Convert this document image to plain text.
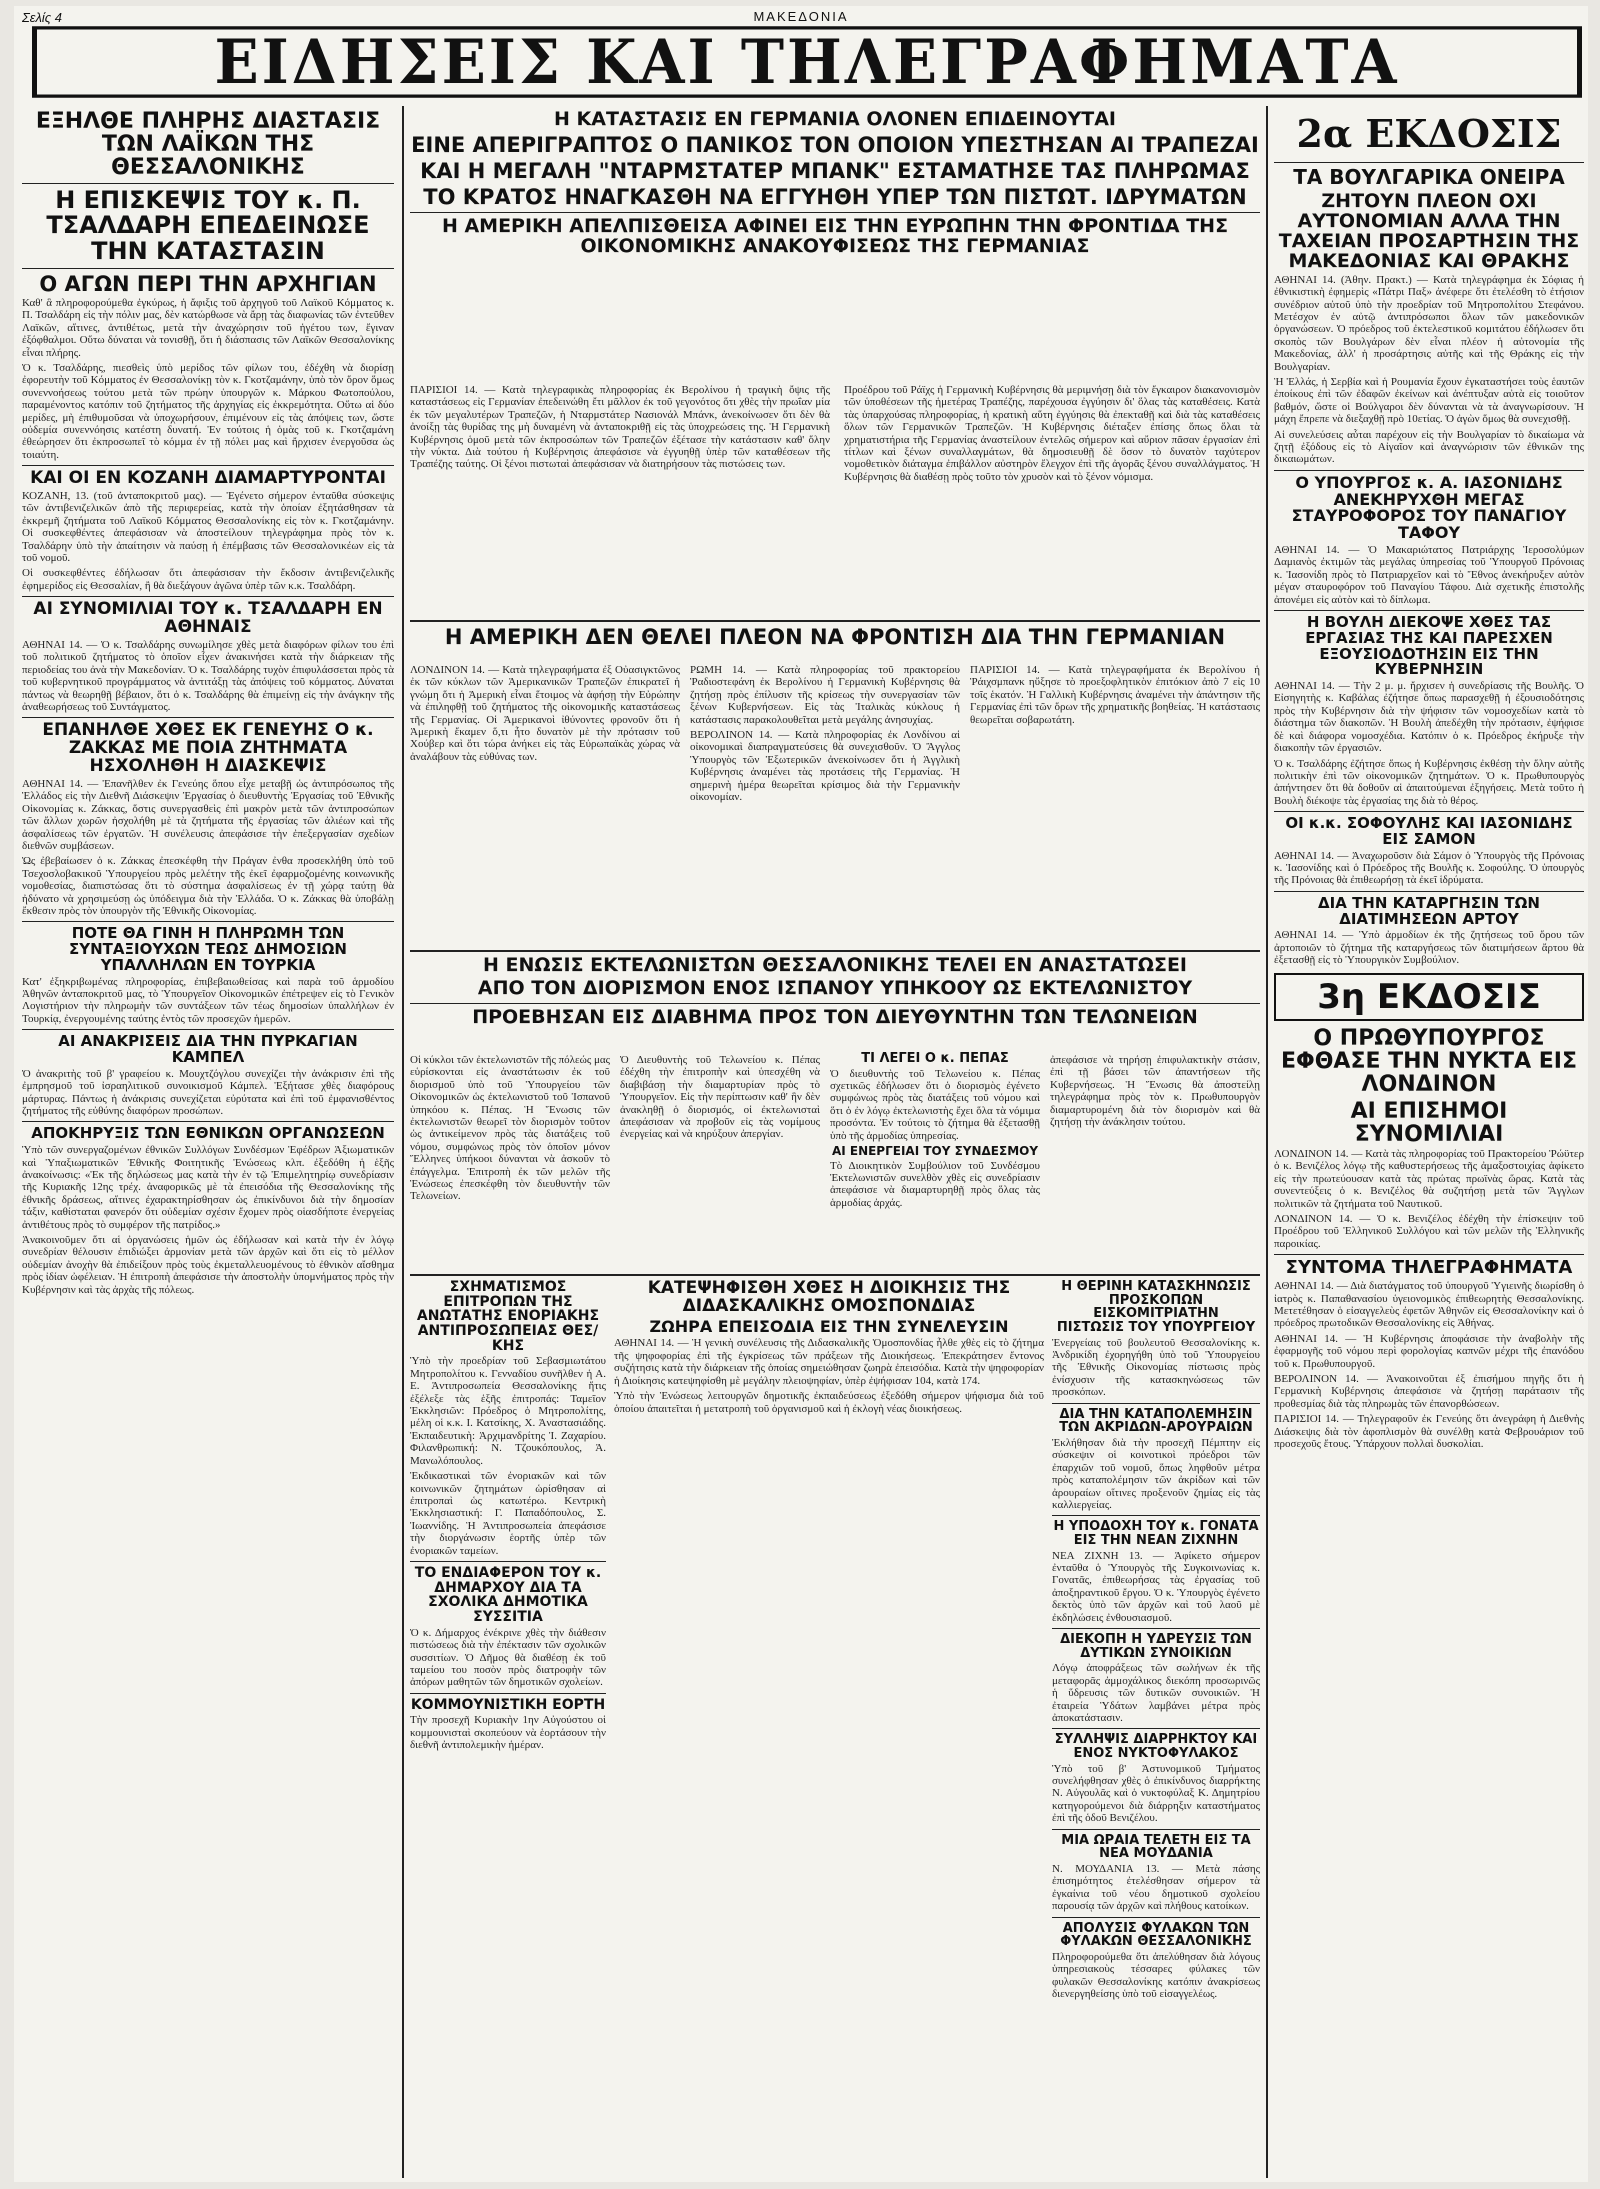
Σελίς 4	ΜΑΚΕΔΟΝΙΑ
ΕΙΔΗΣΕΙΣ ΚΑΙ ΤΗΛΕΓΡΑΦΗΜΑΤΑ

ΕΞΗΛΘΕ ΠΛΗΡΗΣ ΔΙΑΣΤΑΣΙΣ ΤΩΝ ΛΑΪΚΩΝ ΤΗΣ ΘΕΣΣΑΛΟΝΙΚΗΣ

Η ΕΠΙΣΚΕΨΙΣ ΤΟΥ κ. Π. ΤΣΑΛΔΑΡΗ ΕΠΕΔΕΙΝΩΣΕ ΤΗΝ ΚΑΤΑΣΤΑΣΙΝ

Ο ΑΓΩΝ ΠΕΡΙ ΤΗΝ ΑΡΧΗΓΙΑΝ

Καθ' ἃ πληροφορούμεθα ἐγκύρως, ἡ ἄφιξις τοῦ ἀρχηγοῦ τοῦ Λαϊκοῦ Κόμματος κ. Π. Τσαλδάρη εἰς τὴν πόλιν μας, δὲν κατώρθωσε νὰ ἄρῃ τὰς διαφωνίας τῶν ἐντεῦθεν Λαϊκῶν, αἵτινες, ἀντιθέτως, μετὰ τὴν ἀναχώρησιν τοῦ ἡγέτου των, ἔγιναν ἐξόφθαλμοι. Οὕτω δύναται νὰ τονισθῇ, ὅτι ἡ διάσπασις τῶν Λαϊκῶν Θεσσαλονίκης εἶναι πλήρης.

Ὁ κ. Τσαλδάρης, πιεσθεὶς ὑπὸ μερίδος τῶν φίλων του, ἐδέχθη νὰ διορίσῃ ἐφορευτὴν τοῦ Κόμματος ἐν Θεσσαλονίκῃ τὸν κ. Γκοτζαμάνην, ὑπὸ τὸν ὅρον ὅμως συνεννοήσεως τούτου μετὰ τῶν πρώην ὑπουργῶν κ. Μάρκου Φωτοπούλου, παραμένοντος κατόπιν τοῦ ζητήματος τῆς ἀρχηγίας εἰς ἐκκρεμότητα. Οὕτω αἱ δύο μερίδες, μὴ ἐπιθυμοῦσαι νὰ ὑποχωρήσουν, ἐπιμένουν εἰς τὰς ἀπόψεις των, ὥστε οὐδεμία συνεννόησις κατέστη δυνατή. Ἐν τούτοις ἡ ὁμὰς τοῦ κ. Γκοτζαμάνη ἐθεώρησεν ὅτι ἐκπροσωπεῖ τὸ κόμμα ἐν τῇ πόλει μας καὶ ἤρχισεν ἐνεργοῦσα ὡς τοιαύτη.

ΚΑΙ ΟΙ ΕΝ ΚΟΖΑΝΗ ΔΙΑΜΑΡΤΥΡΟΝΤΑΙ

ΚΟΖΑΝΗ, 13. (τοῦ ἀνταποκριτοῦ μας). — Ἐγένετο σήμερον ἐνταῦθα σύσκεψις τῶν ἀντιβενιζελικῶν ἀπὸ τῆς περιφερείας, κατὰ τὴν ὁποίαν ἐξητάσθησαν τὰ ἐκκρεμῆ ζητήματα τοῦ Λαϊκοῦ Κόμματος Θεσσαλονίκης εἰς τὸν κ. Γκοτζαμάνην. Οἱ συσκεφθέντες ἀπεφάσισαν νὰ ἀποστείλουν τηλεγράφημα πρὸς τὸν κ. Τσαλδάρην ὑπὸ τὴν ἀπαίτησιν νὰ παύσῃ ἡ ἐπέμβασις τῶν Θεσσαλονικέων εἰς τὰ τοῦ νομοῦ.

Οἱ συσκεφθέντες ἐδήλωσαν ὅτι ἀπεφάσισαν τὴν ἔκδοσιν ἀντιβενιζελικῆς ἐφημερίδος εἰς Θεσσαλίαν, ἢ θὰ διεξάγουν ἀγῶνα ὑπὲρ τῶν κ.κ. Τσαλδάρη.

ΑΙ ΣΥΝΟΜΙΛΙΑΙ ΤΟΥ κ. ΤΣΑΛΔΑΡΗ ΕΝ ΑΘΗΝΑΙΣ

ΑΘΗΝΑΙ 14. — Ὁ κ. Τσαλδάρης συνωμίλησε χθὲς μετὰ διαφόρων φίλων του ἐπὶ τοῦ πολιτικοῦ ζητήματος τὸ ὁποῖον εἶχεν ἀνακινήσει κατὰ τὴν διάρκειαν τῆς περιοδείας του ἀνὰ τὴν Μακεδονίαν. Ὁ κ. Τσαλδάρης τυχὸν ἐπιφυλάσσεται πρὸς τὰ τοῦ κυβερνητικοῦ προγράμματος νὰ ἀντιτάξῃ τὰς ἀπόψεις τοῦ κόμματος. Δύναται πάντως νὰ θεωρηθῇ βέβαιον, ὅτι ὁ κ. Τσαλδάρης θὰ ἐπιμείνῃ εἰς τὴν ἀνάγκην τῆς ἀναθεωρήσεως τοῦ Συντάγματος.

ΕΠΑΝΗΛΘΕ ΧΘΕΣ ΕΚ ΓΕΝΕΥΗΣ Ο κ. ΖΑΚΚΑΣ ΜΕ ΠΟΙΑ ΖΗΤΗΜΑΤΑ ΗΣΧΟΛΗΘΗ Η ΔΙΑΣΚΕΨΙΣ

ΑΘΗΝΑΙ 14. — Ἐπανῆλθεν ἐκ Γενεύης ὅπου εἶχε μεταβῇ ὡς ἀντιπρόσωπος τῆς Ἑλλάδος εἰς τὴν Διεθνῆ Διάσκεψιν Ἐργασίας ὁ διευθυντὴς Ἐργασίας τοῦ Ἐθνικῆς Οἰκονομίας κ. Ζάκκας, ὅστις συνεργασθεὶς ἐπὶ μακρὸν μετὰ τῶν ἀντιπροσώπων τῶν ἄλλων χωρῶν ἠσχολήθη μὲ τὰ ζητήματα τῆς ἐργασίας τῶν ἀλιέων καὶ τῆς ἀσφαλίσεως τῶν ἐργατῶν. Ἡ συνέλευσις ἀπεφάσισε τὴν ἐπεξεργασίαν σχεδίων διεθνῶν συμβάσεων.

Ὡς ἐβεβαίωσεν ὁ κ. Ζάκκας ἐπεσκέφθη τὴν Πράγαν ἐνθα προσεκλήθη ὑπὸ τοῦ Τσεχοσλοβακικοῦ Ὑπουργείου πρὸς μελέτην τῆς ἐκεῖ ἐφαρμοζομένης κοινωνικῆς νομοθεσίας, διαπιστώσας ὅτι τὸ σύστημα ἀσφαλίσεως ἐν τῇ χώρᾳ ταύτῃ θὰ ἠδύνατο νὰ χρησιμεύσῃ ὡς ὑπόδειγμα διὰ τὴν Ἑλλάδα. Ὁ κ. Ζάκκας θὰ ὑποβάλῃ ἔκθεσιν πρὸς τὸν ὑπουργὸν τῆς Ἐθνικῆς Οἰκονομίας.

ΠΟΤΕ ΘΑ ΓΙΝΗ Η ΠΛΗΡΩΜΗ ΤΩΝ ΣΥΝΤΑΞΙΟΥΧΩΝ ΤΕΩΣ ΔΗΜΟΣΙΩΝ ΥΠΑΛΛΗΛΩΝ ΕΝ ΤΟΥΡΚΙΑ

Κατ' ἐξηκριβωμένας πληροφορίας, ἐπιβεβαιωθείσας καὶ παρὰ τοῦ ἁρμοδίου Ἀθηνῶν ἀνταποκριτοῦ μας, τὸ Ὑπουργεῖον Οἰκονομικῶν ἐπέτρεψεν εἰς τὸ Γενικὸν Λογιστήριον τὴν πληρωμὴν τῶν συντάξεων τῶν τέως δημοσίων ὑπαλλήλων ἐν Τουρκίᾳ, ἐνεργουμένης ταύτης ἐντὸς τῶν προσεχῶν ἡμερῶν.

ΑΙ ΑΝΑΚΡΙΣΕΙΣ ΔΙΑ ΤΗΝ ΠΥΡΚΑΓΙΑΝ ΚΑΜΠΕΛ

Ὁ ἀνακριτὴς τοῦ β' γραφείου κ. Μουχτζόγλου συνεχίζει τὴν ἀνάκρισιν ἐπὶ τῆς ἐμπρησμοῦ τοῦ ἰσραηλιτικοῦ συνοικισμοῦ Κάμπελ. Ἐξήτασε χθὲς διαφόρους μάρτυρας. Πάντως ἡ ἀνάκρισις συνεχίζεται εὐρύτατα καὶ ἐπὶ τοῦ ἐμφανισθέντος ζητήματος τῆς εὐθύνης διαφόρων προσώπων.

ΑΠΟΚΗΡΥΞΙΣ ΤΩΝ ΕΘΝΙΚΩΝ ΟΡΓΑΝΩΣΕΩΝ

Ὑπὸ τῶν συνεργαζομένων ἐθνικῶν Συλλόγων Συνδέσμων Ἐφέδρων Ἀξιωματικῶν καὶ Ὑπαξιωματικῶν Ἐθνικῆς Φοιτητικῆς Ἑνώσεως κλπ. ἐξεδόθη ἡ ἑξῆς ἀνακοίνωσις: «Ἐκ τῆς δηλώσεως μας κατὰ τὴν ἐν τῷ Ἐπιμελητηρίῳ συνεδρίασιν τῆς Κυριακῆς 12ης τρέχ. ἀναφορικῶς μὲ τὰ ἐπεισόδια τῆς Θεσσαλονίκης τῆς ἐθνικῆς δράσεως, αἵτινες ἐχαρακτηρίσθησαν ὡς ἐπικίνδυνοι διὰ τὴν δημοσίαν τάξιν, καθίσταται φανερόν ὅτι οὐδεμίαν σχέσιν ἔχομεν πρὸς οἱασδήποτε ἐνεργείας ἀντιθέτους πρὸς τὸ συμφέρον τῆς πατρίδος.»

Ἀνακοινοῦμεν ὅτι αἱ ὀργανώσεις ἡμῶν ὡς ἐδήλωσαν καὶ κατὰ τὴν ἐν λόγῳ συνεδρίαν θέλουσιν ἐπιδιώξει ἀρμονίαν μετὰ τῶν ἀρχῶν καὶ ὅτι εἰς τὸ μέλλον οὐδεμίαν ἀνοχὴν θὰ ἐπιδείξουν πρὸς τοὺς ἐκμεταλλευομένους τὸ ἐθνικὸν αἴσθημα πρὸς ἰδίαν ὠφέλειαν. Ἡ ἐπιτροπὴ ἀπεφάσισε τὴν ἀποστολὴν ὑπομνήματος πρὸς τὴν Κυβέρνησιν καὶ τὰς ἀρχὰς τῆς πόλεως.

Η ΚΑΤΑΣΤΑΣΙΣ ΕΝ ΓΕΡΜΑΝΙΑ ΟΛΟΝΕΝ ΕΠΙΔΕΙΝΟΥΤΑΙ

ΕΙΝΕ ΑΠΕΡΙΓΡΑΠΤΟΣ Ο ΠΑΝΙΚΟΣ ΤΟΝ ΟΠΟΙΟΝ ΥΠΕΣΤΗΣΑΝ ΑΙ ΤΡΑΠΕΖΑΙ

ΚΑΙ Η ΜΕΓΑΛΗ "ΝΤΑΡΜΣΤΑΤΕΡ ΜΠΑΝΚ" ΕΣΤΑΜΑΤΗΣΕ ΤΑΣ ΠΛΗΡΩΜΑΣ

ΤΟ ΚΡΑΤΟΣ ΗΝΑΓΚΑΣΘΗ ΝΑ ΕΓΓΥΗΘΗ ΥΠΕΡ ΤΩΝ ΠΙΣΤΩΤ. ΙΔΡΥΜΑΤΩΝ

Η ΑΜΕΡΙΚΗ ΑΠΕΛΠΙΣΘΕΙΣΑ ΑΦΙΝΕΙ ΕΙΣ ΤΗΝ ΕΥΡΩΠΗΝ ΤΗΝ ΦΡΟΝΤΙΔΑ ΤΗΣ ΟΙΚΟΝΟΜΙΚΗΣ ΑΝΑΚΟΥΦΙΣΕΩΣ ΤΗΣ ΓΕΡΜΑΝΙΑΣ

ΠΑΡΙΣΙΟΙ 14. — Κατὰ τηλεγραφικὰς πληροφορίας ἐκ Βερολίνου ἡ τραγικὴ ὄψις τῆς καταστάσεως εἰς Γερμανίαν ἐπεδεινώθη ἔτι μᾶλλον ἐκ τοῦ γεγονότος ὅτι χθὲς τὴν πρωΐαν μία ἐκ τῶν μεγαλυτέρων Τραπεζῶν, ἡ Νταρμστάτερ Νασιονάλ Μπάνκ, ἀνεκοίνωσεν ὅτι δὲν θὰ ἀνοίξῃ τὰς θυρίδας της μὴ δυναμένη νὰ ἀνταποκριθῇ εἰς τὰς ὑποχρεώσεις της. Ἡ Γερμανικὴ Κυβέρνησις ὁμοῦ μετὰ τῶν ἐκπροσώπων τῶν Τραπεζῶν ἐξέτασε τὴν κατάστασιν καθ' ὅλην τὴν νύκτα. Διὰ τούτου ἡ Κυβέρνησις ἀπεφάσισε νὰ ἐγγυηθῇ ὑπὲρ τῶν καταθέσεων τῆς Τραπέζης ταύτης. Οἱ ξένοι πιστωταὶ ἀπεφάσισαν νὰ διατηρήσουν τὰς πιστώσεις των.

Προέδρου τοῦ Ράϊχς ἡ Γερμανικὴ Κυβέρνησις θὰ μεριμνήσῃ διὰ τὸν ἔγκαιρον διακανονισμὸν τῶν ὑποθέσεων τῆς ἡμετέρας Τραπέζης, παρέχουσα ἐγγύησιν δι' ὅλας τὰς καταθέσεις. Κατὰ τὰς ὑπαρχούσας πληροφορίας, ἡ κρατικὴ αὕτη ἐγγύησις θὰ ἐπεκταθῇ καὶ διὰ τὰς καταθέσεις ὅλων τῶν Γερμανικῶν Τραπεζῶν. Ἡ Κυβέρνησις διέταξεν ἐπίσης ὅπως ὅλαι τὰ χρηματιστήρια τῆς Γερμανίας ἀναστείλουν ἐντελῶς σήμερον καὶ αὔριον πᾶσαν ἐργασίαν ἐπὶ τίτλων καὶ ξένων συναλλαγμάτων, θὰ δημοσιευθῇ δὲ ὅσον τὸ δυνατὸν ταχύτερον νομοθετικὸν διάταγμα ἐπιβάλλον αὐστηρὸν ἔλεγχον ἐπὶ τῆς ἀγορᾶς ξένου συναλλάγματος. Ἡ Κυβέρνησις θὰ διαθέσῃ πρὸς τοῦτο τὸν χρυσὸν καὶ τὸ ξένον νόμισμα.

Η ΑΜΕΡΙΚΗ ΔΕΝ ΘΕΛΕΙ ΠΛΕΟΝ ΝΑ ΦΡΟΝΤΙΣΗ ΔΙΑ ΤΗΝ ΓΕΡΜΑΝΙΑΝ

ΛΟΝΔΙΝΟΝ 14. — Κατὰ τηλεγραφήματα ἐξ Οὐασιγκτῶνος ἐκ τῶν κύκλων τῶν Ἀμερικανικῶν Τραπεζῶν ἐπικρατεῖ ἡ γνώμη ὅτι ἡ Ἀμερικὴ εἶναι ἕτοιμος νὰ ἀφήσῃ τὴν Εὐρώπην νὰ ἐπιληφθῇ τοῦ ζητήματος τῆς οἰκονομικῆς καταστάσεως τῆς Γερμανίας. Οἱ Ἀμερικανοὶ ἰθύνοντες φρονοῦν ὅτι ἡ Ἀμερικὴ ἔκαμεν ὅ,τι ἦτο δυνατὸν μὲ τὴν πρότασιν τοῦ Χούβερ καὶ ὅτι τώρα ἀνήκει εἰς τὰς Εὐρωπαϊκὰς χώρας νὰ ἀναλάβουν τὰς εὐθύνας των.

ΡΩΜΗ 14. — Κατὰ πληροφορίας τοῦ πρακτορείου Ῥαδιοστεφάνη ἐκ Βερολίνου ἡ Γερμανικὴ Κυβέρνησις θὰ ζητήσῃ πρὸς ἐπίλυσιν τῆς κρίσεως τὴν συνεργασίαν τῶν ξένων Κυβερνήσεων. Εἰς τὰς Ἰταλικὰς κύκλους ἡ κατάστασις παρακολουθεῖται μετὰ μεγάλης ἀνησυχίας.

ΒΕΡΟΛΙΝΟΝ 14. — Κατὰ πληροφορίας ἐκ Λονδίνου αἱ οἰκονομικαὶ διαπραγματεύσεις θὰ συνεχισθοῦν. Ὁ Ἄγγλος Ὑπουργὸς τῶν Ἐξωτερικῶν ἀνεκοίνωσεν ὅτι ἡ Ἀγγλικὴ Κυβέρνησις ἀναμένει τὰς προτάσεις τῆς Γερμανίας. Ἡ σημερινὴ ἡμέρα θεωρεῖται κρίσιμος διὰ τὴν Γερμανικὴν οἰκονομίαν.

ΠΑΡΙΣΙΟΙ 14. — Κατὰ τηλεγραφήματα ἐκ Βερολίνου ἡ Ῥάιχσμπανκ ηὔξησε τὸ προεξοφλητικὸν ἐπιτόκιον ἀπὸ 7 εἰς 10 τοῖς ἑκατόν. Ἡ Γαλλικὴ Κυβέρνησις ἀναμένει τὴν ἀπάντησιν τῆς Γερμανίας ἐπὶ τῶν ὅρων τῆς χρηματικῆς βοηθείας. Ἡ κατάστασις θεωρεῖται σοβαρωτάτη.

Η ΕΝΩΣΙΣ ΕΚΤΕΛΩΝΙΣΤΩΝ ΘΕΣΣΑΛΟΝΙΚΗΣ ΤΕΛΕΙ ΕΝ ΑΝΑΣΤΑΤΩΣΕΙ

ΑΠΟ ΤΟΝ ΔΙΟΡΙΣΜΟΝ ΕΝΟΣ ΙΣΠΑΝΟΥ ΥΠΗΚΟΟΥ ΩΣ ΕΚΤΕΛΩΝΙΣΤΟΥ

ΠΡΟΕΒΗΣΑΝ ΕΙΣ ΔΙΑΒΗΜΑ ΠΡΟΣ ΤΟΝ ΔΙΕΥΘΥΝΤΗΝ ΤΩΝ ΤΕΛΩΝΕΙΩΝ

Οἱ κύκλοι τῶν ἐκτελωνιστῶν τῆς πόλεώς μας εὑρίσκονται εἰς ἀναστάτωσιν ἐκ τοῦ διορισμοῦ ὑπὸ τοῦ Ὑπουργείου τῶν Οἰκονομικῶν ὡς ἐκτελωνιστοῦ τοῦ Ἰσπανοῦ ὑπηκόου κ. Πέπας. Ἡ Ἕνωσις τῶν ἐκτελωνιστῶν θεωρεῖ τὸν διορισμὸν τοῦτον ὡς ἀντικείμενον πρὸς τὰς διατάξεις τοῦ νόμου, συμφώνως πρὸς τὸν ὁποῖον μόνον Ἕλληνες ὑπήκοοι δύνανται νὰ ἀσκοῦν τὸ ἐπάγγελμα. Ἐπιτροπὴ ἐκ τῶν μελῶν τῆς Ἑνώσεως ἐπεσκέφθη τὸν διευθυντὴν τῶν Τελωνείων.

Ὁ Διευθυντὴς τοῦ Τελωνείου κ. Πέπας ἐδέχθη τὴν ἐπιτροπὴν καὶ ὑπεσχέθη νὰ διαβιβάσῃ τὴν διαμαρτυρίαν πρὸς τὸ Ὑπουργεῖον. Εἰς τὴν περίπτωσιν καθ' ἣν δὲν ἀνακληθῇ ὁ διορισμός, οἱ ἐκτελωνισταὶ ἀπεφάσισαν νὰ προβοῦν εἰς τὰς νομίμους ἐνεργείας καὶ νὰ κηρύξουν ἀπεργίαν.

ΤΙ ΛΕΓΕΙ Ο κ. ΠΕΠΑΣ

Ὁ διευθυντὴς τοῦ Τελωνείου κ. Πέπας σχετικῶς ἐδήλωσεν ὅτι ὁ διορισμὸς ἐγένετο συμφώνως πρὸς τὰς διατάξεις τοῦ νόμου καὶ ὅτι ὁ ἐν λόγῳ ἐκτελωνιστὴς ἔχει ὅλα τὰ νόμιμα προσόντα. Ἐν τούτοις τὸ ζήτημα θὰ ἐξετασθῇ ὑπὸ τῆς ἁρμοδίας ὑπηρεσίας.

ΑΙ ΕΝΕΡΓΕΙΑΙ ΤΟΥ ΣΥΝΔΕΣΜΟΥ

Τὸ Διοικητικὸν Συμβούλιον τοῦ Συνδέσμου Ἐκτελωνιστῶν συνελθὸν χθὲς εἰς συνεδρίασιν ἀπεφάσισε νὰ διαμαρτυρηθῇ πρὸς ὅλας τὰς ἁρμοδίας ἀρχάς.

ἀπεφάσισε νὰ τηρήσῃ ἐπιφυλακτικὴν στάσιν, ἐπὶ τῇ βάσει τῶν ἀπαντήσεων τῆς Κυβερνήσεως. Ἡ Ἕνωσις θὰ ἀποστείλῃ τηλεγράφημα πρὸς τὸν κ. Πρωθυπουργὸν διαμαρτυρομένη διὰ τὸν διορισμὸν καὶ θὰ ζητήσῃ τὴν ἀνάκλησιν τούτου.

ΣΧΗΜΑΤΙΣΜΟΣ ΕΠΙΤΡΟΠΩΝ ΤΗΣ ΑΝΩΤΑΤΗΣ ΕΝΟΡΙΑΚΗΣ ΑΝΤΙΠΡΟΣΩΠΕΙΑΣ ΘΕΣ/ΚΗΣ

Ὑπὸ τὴν προεδρίαν τοῦ Σεβασμιωτάτου Μητροπολίτου κ. Γενναδίου συνῆλθεν ἡ Α. Ε. Ἀντιπροσωπεία Θεσσαλονίκης ἥτις ἐξέλεξε τὰς ἑξῆς ἐπιτροπάς: Ταμεῖον Ἐκκλησιῶν: Πρόεδρος ὁ Μητροπολίτης, μέλη οἱ κ.κ. Ι. Κατσίκης, Χ. Ἀναστασιάδης. Ἐκπαιδευτικὴ: Ἀρχιμανδρίτης Ἰ. Ζαχαρίου. Φιλανθρωπική: Ν. Τζουκόπουλος, Ἀ. Μανωλόπουλος.

Ἐκδικαστικαὶ τῶν ἐνοριακῶν καὶ τῶν κοινωνικῶν ζητημάτων ὡρίσθησαν αἱ ἐπιτροπαὶ ὡς κατωτέρω. Κεντρικὴ Ἐκκλησιαστική: Γ. Παπαδόπουλος, Σ. Ἰωαννίδης. Ἡ Ἀντιπροσωπεία ἀπεφάσισε τὴν διοργάνωσιν ἑορτῆς ὑπὲρ τῶν ἐνοριακῶν ταμείων.

ΤΟ ΕΝΔΙΑΦΕΡΟΝ ΤΟΥ κ. ΔΗΜΑΡΧΟΥ ΔΙΑ ΤΑ ΣΧΟΛΙΚΑ ΔΗΜΟΤΙΚΑ ΣΥΣΣΙΤΙΑ

Ὁ κ. Δήμαρχος ἐνέκρινε χθὲς τὴν διάθεσιν πιστώσεως διὰ τὴν ἐπέκτασιν τῶν σχολικῶν συσσιτίων. Ὁ Δῆμος θὰ διαθέσῃ ἐκ τοῦ ταμείου του ποσὸν πρὸς διατροφὴν τῶν ἀπόρων μαθητῶν τῶν δημοτικῶν σχολείων.

ΚΟΜΜΟΥΝΙΣΤΙΚΗ ΕΟΡΤΗ

Τὴν προσεχῆ Κυριακὴν 1ην Αὐγούστου οἱ κομμουνισταὶ σκοπεύουν νὰ ἑορτάσουν τὴν διεθνῆ ἀντιπολεμικὴν ἡμέραν.

ΚΑΤΕΨΗΦΙΣΘΗ ΧΘΕΣ Η ΔΙΟΙΚΗΣΙΣ ΤΗΣ ΔΙΔΑΣΚΑΛΙΚΗΣ ΟΜΟΣΠΟΝΔΙΑΣ

ΖΩΗΡΑ ΕΠΕΙΣΟΔΙΑ ΕΙΣ ΤΗΝ ΣΥΝΕΛΕΥΣΙΝ

ΑΘΗΝΑΙ 14. — Ἡ γενικὴ συνέλευσις τῆς Διδασκαλικῆς Ὁμοσπονδίας ἦλθε χθὲς εἰς τὸ ζήτημα τῆς ψηφοφορίας ἐπὶ τῆς ἐγκρίσεως τῶν πράξεων τῆς Διοικήσεως. Ἐπεκράτησεν ἔντονος συζήτησις κατὰ τὴν διάρκειαν τῆς ὁποίας σημειώθησαν ζωηρὰ ἐπεισόδια. Κατὰ τὴν ψηφοφορίαν ἡ Διοίκησις κατεψηφίσθη μὲ μεγάλην πλειοψηφίαν, ὑπὲρ ἐψήφισαν 104, κατὰ 174.

Ὑπὸ τὴν Ἑνώσεως λειτουργῶν δημοτικῆς ἐκπαιδεύσεως ἐξεδόθη σήμερον ψήφισμα διὰ τοῦ ὁποίου ἀπαιτεῖται ἡ μετατροπὴ τοῦ ὀργανισμοῦ καὶ ἡ ἐκλογὴ νέας διοικήσεως.

Η ΘΕΡΙΝΗ ΚΑΤΑΣΚΗΝΩΣΙΣ ΠΡΟΣΚΟΠΩΝ ΕΙΣΚΟΜΙΤΡΙΑΤΗΝ

ΠΙΣΤΩΣΙΣ ΤΟΥ ΥΠΟΥΡΓΕΙΟΥ

Ἐνεργείαις τοῦ βουλευτοῦ Θεσσαλονίκης κ. Ἀνδρικίδη ἐχορηγήθη ὑπὸ τοῦ Ὑπουργείου τῆς Ἐθνικῆς Οἰκονομίας πίστωσις πρὸς ἐνίσχυσιν τῆς κατασκηνώσεως τῶν προσκόπων.

ΔΙΑ ΤΗΝ ΚΑΤΑΠΟΛΕΜΗΣΙΝ ΤΩΝ ΑΚΡΙΔΩΝ-ΑΡΟΥΡΑΙΩΝ

Ἐκλήθησαν διὰ τὴν προσεχῆ Πέμπτην εἰς σύσκεψιν οἱ κοινοτικοὶ πρόεδροι τῶν ἐπαρχιῶν τοῦ νομοῦ, ὅπως ληφθοῦν μέτρα πρὸς καταπολέμησιν τῶν ἀκρίδων καὶ τῶν ἀρουραίων οἵτινες προξενοῦν ζημίας εἰς τὰς καλλιεργείας.

Η ΥΠΟΔΟΧΗ ΤΟΥ κ. ΓΟΝΑΤΑ ΕΙΣ ΤΗΝ ΝΕΑΝ ΖΙΧΝΗΝ

ΝΕΑ ΖΙΧΝΗ 13. — Ἀφίκετο σήμερον ἐνταῦθα ὁ Ὑπουργὸς τῆς Συγκοινωνίας κ. Γονατᾶς, ἐπιθεωρήσας τὰς ἐργασίας τοῦ ἀποξηραντικοῦ ἔργου. Ὁ κ. Ὑπουργὸς ἐγένετο δεκτὸς ὑπὸ τῶν ἀρχῶν καὶ τοῦ λαοῦ μὲ ἐκδηλώσεις ἐνθουσιασμοῦ.

ΔΙΕΚΟΠΗ Η ΥΔΡΕΥΣΙΣ ΤΩΝ ΔΥΤΙΚΩΝ ΣΥΝΟΙΚΙΩΝ

Λόγῳ ἀποφράξεως τῶν σωλήνων ἐκ τῆς μεταφορᾶς ἀμμοχάλικος διεκόπη προσωρινῶς ἡ ὕδρευσις τῶν δυτικῶν συνοικιῶν. Ἡ ἐταιρεία Ὑδάτων λαμβάνει μέτρα πρὸς ἀποκατάστασιν.

ΣΥΛΛΗΨΙΣ ΔΙΑΡΡΗΚΤΟΥ ΚΑΙ ΕΝΟΣ ΝΥΚΤΟΦΥΛΑΚΟΣ

Ὑπὸ τοῦ β' Ἀστυνομικοῦ Τμήματος συνελήφθησαν χθὲς ὁ ἐπικίνδυνος διαρρήκτης Ν. Αὐγουλᾶς καὶ ὁ νυκτοφύλαξ Κ. Δημητρίου κατηγορούμενοι διὰ διάρρηξιν καταστήματος ἐπὶ τῆς ὁδοῦ Βενιζέλου.

ΜΙΑ ΩΡΑΙΑ ΤΕΛΕΤΗ ΕΙΣ ΤΑ ΝΕΑ ΜΟΥΔΑΝΙΑ

Ν. ΜΟΥΔΑΝΙΑ 13. — Μετὰ πάσης ἐπισημότητος ἐτελέσθησαν σήμερον τὰ ἐγκαίνια τοῦ νέου δημοτικοῦ σχολείου παρουσίᾳ τῶν ἀρχῶν καὶ πλήθους κατοίκων.

ΑΠΟΛΥΣΙΣ ΦΥΛΑΚΩΝ ΤΩΝ ΦΥΛΑΚΩΝ ΘΕΣΣΑΛΟΝΙΚΗΣ

Πληροφορούμεθα ὅτι ἀπελύθησαν διὰ λόγους ὑπηρεσιακοὺς τέσσαρες φύλακες τῶν φυλακῶν Θεσσαλονίκης κατόπιν ἀνακρίσεως διενεργηθείσης ὑπὸ τοῦ εἰσαγγελέως.

2α ΕΚΔΟΣΙΣ

ΤΑ ΒΟΥΛΓΑΡΙΚΑ ΟΝΕΙΡΑ

ΖΗΤΟΥΝ ΠΛΕΟΝ ΟΧΙ ΑΥΤΟΝΟΜΙΑΝ ΑΛΛΑ ΤΗΝ ΤΑΧΕΙΑΝ ΠΡΟΣΑΡΤΗΣΙΝ ΤΗΣ ΜΑΚΕΔΟΝΙΑΣ ΚΑΙ ΘΡΑΚΗΣ

ΑΘΗΝΑΙ 14. (Ἀθην. Πρακτ.) — Κατὰ τηλεγράφημα ἐκ Σόφιας ἡ ἐθνικιστικὴ ἐφημερὶς «Πάτρι Παξ» ἀνέφερε ὅτι ἐτελέσθη τὸ ἐτήσιον συνέδριον αὐτοῦ ὑπὸ τὴν προεδρίαν τοῦ Μητροπολίτου Στεφάνου. Μετέσχον ἐν αὐτῷ ἀντιπρόσωποι ὅλων τῶν μακεδονικῶν ὀργανώσεων. Ὁ πρόεδρος τοῦ ἐκτελεστικοῦ κομιτάτου ἐδήλωσεν ὅτι σκοπὸς τῶν Βουλγάρων δὲν εἶναι πλέον ἡ αὐτονομία τῆς Μακεδονίας, ἀλλ' ἡ προσάρτησις αὐτῆς καὶ τῆς Θράκης εἰς τὴν Βουλγαρίαν.

Ἡ Ἑλλάς, ἡ Σερβία καὶ ἡ Ρουμανία ἔχουν ἐγκαταστήσει τοὺς ἑαυτῶν ἐποίκους ἐπὶ τῶν ἐδαφῶν ἐκείνων καὶ ἀνέπτυξαν αὐτὰ εἰς τοιοῦτον βαθμόν, ὥστε οἱ Βούλγαροι δὲν δύνανται νὰ τὰ ἀναγνωρίσουν. Ἡ μάχη ἔπρεπε νὰ διεξαχθῇ πρὸ 10ετίας. Ὁ ἀγὼν ὅμως θὰ συνεχισθῇ.

Αἱ συνελεύσεις αὗται παρέχουν εἰς τὴν Βουλγαρίαν τὸ δικαίωμα νὰ ζητῇ ἐξόδους εἰς τὸ Αἰγαῖον καὶ ἀναγνώρισιν τῶν ἐθνικῶν της δικαιωμάτων.

Ο ΥΠΟΥΡΓΟΣ κ. Α. ΙΑΣΟΝΙΔΗΣ ΑΝΕΚΗΡΥΧΘΗ ΜΕΓΑΣ ΣΤΑΥΡΟΦΟΡΟΣ ΤΟΥ ΠΑΝΑΓΙΟΥ ΤΑΦΟΥ

ΑΘΗΝΑΙ 14. — Ὁ Μακαριώτατος Πατριάρχης Ἱεροσολύμων Δαμιανὸς ἐκτιμῶν τὰς μεγάλας ὑπηρεσίας τοῦ Ὑπουργοῦ Πρόνοιας κ. Ἰασονίδη πρὸς τὸ Πατριαρχεῖον καὶ τὸ Ἔθνος ἀνεκήρυξεν αὐτὸν μέγαν σταυροφόρον τοῦ Παναγίου Τάφου. Διὰ σχετικῆς ἐπιστολῆς ἀπονέμει εἰς αὐτὸν καὶ τὸ δίπλωμα.

Η ΒΟΥΛΗ ΔΙΕΚΟΨΕ ΧΘΕΣ ΤΑΣ ΕΡΓΑΣΙΑΣ ΤΗΣ ΚΑΙ ΠΑΡΕΣΧΕΝ ΕΞΟΥΣΙΟΔΟΤΗΣΙΝ ΕΙΣ ΤΗΝ ΚΥΒΕΡΝΗΣΙΝ

ΑΘΗΝΑΙ 14. — Τὴν 2 μ. μ. ἤρχισεν ἡ συνεδρίασις τῆς Βουλῆς. Ὁ Εἰσηγητὴς κ. Καβάλας ἐζήτησε ὅπως παρασχεθῇ ἡ ἐξουσιοδότησις πρὸς τὴν Κυβέρνησιν διὰ τὴν ψήφισιν τῶν νομοσχεδίων κατὰ τὸ διάστημα τῶν διακοπῶν. Ἡ Βουλὴ ἀπεδέχθη τὴν πρότασιν, ἐψήφισε δὲ καὶ διάφορα νομοσχέδια. Κατόπιν ὁ κ. Πρόεδρος ἐκήρυξε τὴν διακοπὴν τῶν ἐργασιῶν.

Ὁ κ. Τσαλδάρης ἐζήτησε ὅπως ἡ Κυβέρνησις ἐκθέσῃ τὴν ὅλην αὐτῆς πολιτικὴν ἐπὶ τῶν οἰκονομικῶν ζητημάτων. Ὁ κ. Πρωθυπουργὸς ἀπήντησεν ὅτι θὰ δοθοῦν αἱ ἀπαιτούμεναι ἐξηγήσεις. Μετὰ τοῦτο ἡ Βουλὴ διέκοψε τὰς ἐργασίας της διὰ τὸ θέρος.

ΟΙ κ.κ. ΣΟΦΟΥΛΗΣ ΚΑΙ ΙΑΣΟΝΙΔΗΣ ΕΙΣ ΣΑΜΟΝ

ΑΘΗΝΑΙ 14. — Ἀναχωροῦσιν διὰ Σάμον ὁ Ὑπουργὸς τῆς Πρόνοιας κ. Ἰασονίδης καὶ ὁ Πρόεδρος τῆς Βουλῆς κ. Σοφούλης. Ὁ ὑπουργὸς τῆς Πρόνοιας θὰ ἐπιθεωρήσῃ τὰ ἐκεῖ ἱδρύματα.

ΔΙΑ ΤΗΝ ΚΑΤΑΡΓΗΣΙΝ ΤΩΝ ΔΙΑΤΙΜΗΣΕΩΝ ΑΡΤΟΥ

ΑΘΗΝΑΙ 14. — Ὑπὸ ἀρμοδίων ἐκ τῆς ζητήσεως τοῦ ὅρου τῶν ἀρτοποιῶν τὸ ζήτημα τῆς καταργήσεως τῶν διατιμήσεων ἄρτου θὰ ἐξετασθῇ εἰς τὸ Ὑπουργικὸν Συμβούλιον.

3η ΕΚΔΟΣΙΣ

Ο ΠΡΩΘΥΠΟΥΡΓΟΣ ΕΦΘΑΣΕ ΤΗΝ ΝΥΚΤΑ ΕΙΣ ΛΟΝΔΙΝΟΝ

ΑΙ ΕΠΙΣΗΜΟΙ ΣΥΝΟΜΙΛΙΑΙ

ΛΟΝΔΙΝΟΝ 14. — Κατὰ τὰς πληροφορίας τοῦ Πρακτορείου Ῥώϋτερ ὁ κ. Βενιζέλος λόγῳ τῆς καθυστερήσεως τῆς ἀμαξοστοιχίας ἀφίκετο εἰς τὴν πρωτεύουσαν κατὰ τὰς πρώτας πρωϊνὰς ὥρας. Κατὰ τὰς συνεντεύξεις ὁ κ. Βενιζέλος θὰ συζητήσῃ μετὰ τῶν Ἄγγλων πολιτικῶν τὰ ζητήματα τοῦ Ναυτικοῦ.

ΛΟΝΔΙΝΟΝ 14. — Ὁ κ. Βενιζέλος ἐδέχθη τὴν ἐπίσκεψιν τοῦ Προέδρου τοῦ Ἑλληνικοῦ Συλλόγου καὶ τῶν μελῶν τῆς Ἑλληνικῆς παροικίας.

ΣΥΝΤΟΜΑ ΤΗΛΕΓΡΑΦΗΜΑΤΑ

ΑΘΗΝΑΙ 14. — Διὰ διατάγματος τοῦ ὑπουργοῦ Ὑγιεινῆς διωρίσθη ὁ ἰατρὸς κ. Παπαθανασίου ὑγειονομικὸς ἐπιθεωρητὴς Θεσσαλονίκης. Μετετέθησαν ὁ εἰσαγγελεὺς ἐφετῶν Ἀθηνῶν εἰς Θεσσαλονίκην καὶ ὁ πρόεδρος πρωτοδικῶν Θεσσαλονίκης εἰς Ἀθήνας.

ΑΘΗΝΑΙ 14. — Ἡ Κυβέρνησις ἀποφάσισε τὴν ἀναβολὴν τῆς ἐφαρμογῆς τοῦ νόμου περὶ φορολογίας καπνῶν μέχρι τῆς ἐπανόδου τοῦ κ. Πρωθυπουργοῦ.

ΒΕΡΟΛΙΝΟΝ 14. — Ἀνακοινοῦται ἐξ ἐπισήμου πηγῆς ὅτι ἡ Γερμανικὴ Κυβέρνησις ἀπεφάσισε νὰ ζητήσῃ παράτασιν τῆς προθεσμίας διὰ τὰς πληρωμὰς τῶν ἐπανορθώσεων.

ΠΑΡΙΣΙΟΙ 14. — Τηλεγραφοῦν ἐκ Γενεύης ὅτι ἀνεγράφη ἡ Διεθνὴς Διάσκεψις διὰ τὸν ἀφοπλισμὸν θὰ συνέλθῃ κατὰ Φεβρουάριον τοῦ προσεχοῦς ἔτους. Ὑπάρχουν πολλαὶ δυσκολίαι.
